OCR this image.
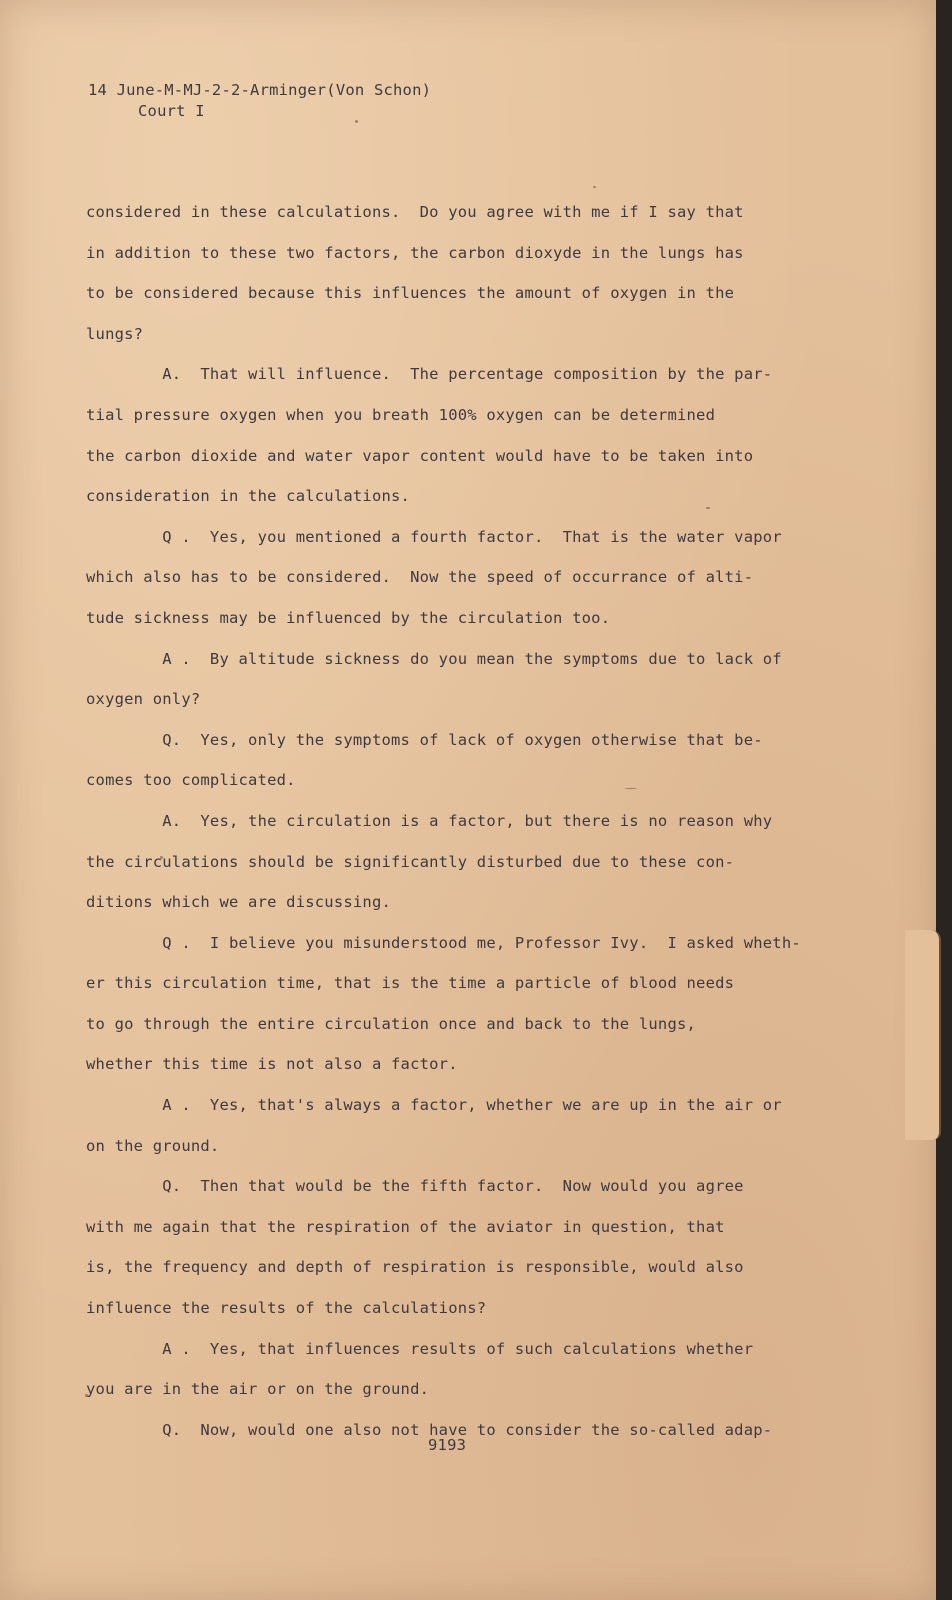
14 June-M-MJ-2-2-Arminger(Von Schon)
Court I
considered in these calculations.  Do you agree with me if I say that
in addition to these two factors, the carbon dioxyde in the lungs has
to be considered because this influences the amount of oxygen in the
lungs?
A.  That will influence.  The percentage composition by the par-
tial pressure oxygen when you breath 100% oxygen can be determined
the carbon dioxide and water vapor content would have to be taken into
consideration in the calculations.
Q .  Yes, you mentioned a fourth factor.  That is the water vapor
which also has to be considered.  Now the speed of occurrance of alti-
tude sickness may be influenced by the circulation too.
A .  By altitude sickness do you mean the symptoms due to lack of
oxygen only?
Q.  Yes, only the symptoms of lack of oxygen otherwise that be-
comes too complicated.
A.  Yes, the circulation is a factor, but there is no reason why
the circulations should be significantly disturbed due to these con-
ditions which we are discussing.
Q .  I believe you misunderstood me, Professor Ivy.  I asked wheth-
er this circulation time, that is the time a particle of blood needs
to go through the entire circulation once and back to the lungs,
whether this time is not also a factor.
A .  Yes, that's always a factor, whether we are up in the air or
on the ground.
Q.  Then that would be the fifth factor.  Now would you agree
with me again that the respiration of the aviator in question, that
is, the frequency and depth of respiration is responsible, would also
influence the results of the calculations?
A .  Yes, that influences results of such calculations whether
you are in the air or on the ground.
Q.  Now, would one also not have to consider the so-called adap-
9193
